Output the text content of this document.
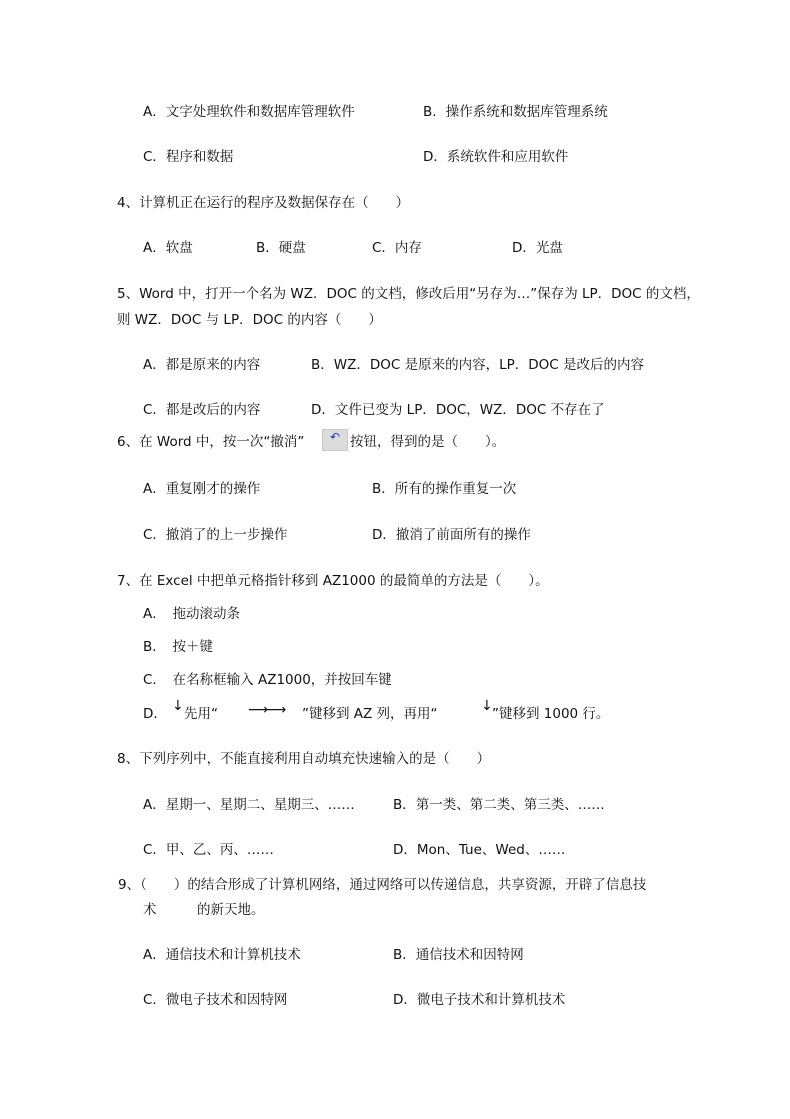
A．文字处理软件和数据库管理软件	B．操作系统和数据库管理系统
C．程序和数据	D．系统软件和应用软件
4、计算机正在运行的程序及数据保存在（　　）
A．软盘	B．硬盘	C．内存	D．光盘
5、Word 中，打开一个名为 WZ．DOC 的文档，修改后用“另存为…”保存为 LP．DOC 的文档，
则 WZ．DOC 与 LP．DOC 的内容（　　）
A．都是原来的内容	B．WZ．DOC 是原来的内容，LP．DOC 是改后的内容
C．都是改后的内容	D．文件已变为 LP．DOC，WZ．DOC 不存在了
6、在 Word 中，按一次“撤消”	↶ 按钮，得到的是（　　）。
A．重复刚才的操作	B．所有的操作重复一次
C．撤消了的上一步操作	D．撤消了前面所有的操作
7、在 Excel 中把单元格指针移到 AZ1000 的最简单的方法是（　　）。
A．　拖动滚动条
B．　按＋键
C．　在名称框输入 AZ1000，并按回车键
D． ↓ 先用“ ⟶⟶ ”键移到 AZ 列，再用“	↓ ”键移到 1000 行。
8、下列序列中，不能直接利用自动填充快速输入的是（　　）
A．星期一、星期二、星期三、……	B．第一类、第二类、第三类、……
C．甲、乙、丙、……	D．Mon、Tue、Wed、……
9、（　　）的结合形成了计算机网络，通过网络可以传递信息，共享资源，开辟了信息技
术　　　的新天地。
A．通信技术和计算机技术	B．通信技术和因特网
C．微电子技术和因特网	D．微电子技术和计算机技术
